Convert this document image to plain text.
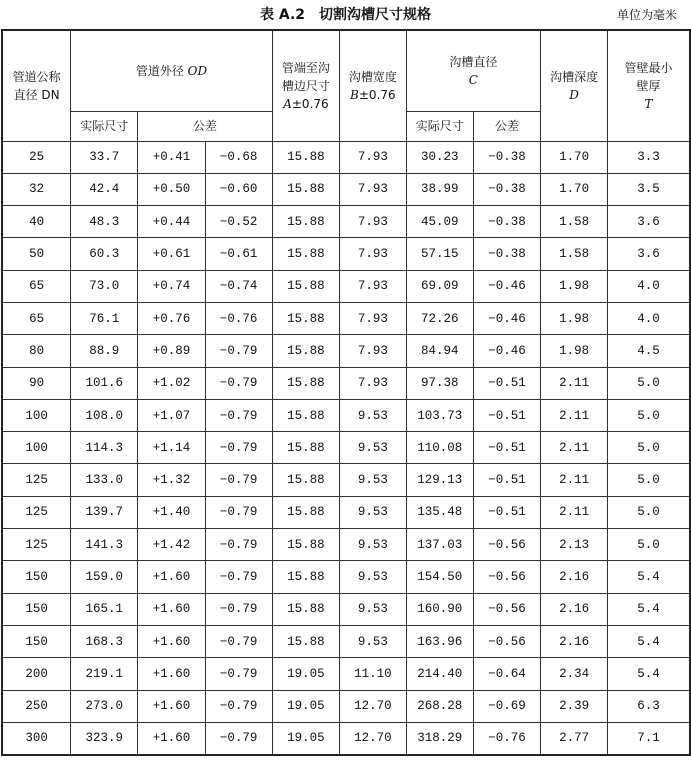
表 A.2　切割沟槽尺寸规格	单位为毫米
管道公称
直径 DN	管道外径 OD			管端至沟
槽边尺寸
A±0.76	沟槽宽度
B±0.76	沟槽直径
C		沟槽深度
D	管壁最小
壁厚
T
	实际尺寸	公差				实际尺寸	公差		
25	33.7	+0.41	−0.68	15.88	7.93	30.23	−0.38	1.70	3.3
32	42.4	+0.50	−0.60	15.88	7.93	38.99	−0.38	1.70	3.5
40	48.3	+0.44	−0.52	15.88	7.93	45.09	−0.38	1.58	3.6
50	60.3	+0.61	−0.61	15.88	7.93	57.15	−0.38	1.58	3.6
65	73.0	+0.74	−0.74	15.88	7.93	69.09	−0.46	1.98	4.0
65	76.1	+0.76	−0.76	15.88	7.93	72.26	−0.46	1.98	4.0
80	88.9	+0.89	−0.79	15.88	7.93	84.94	−0.46	1.98	4.5
90	101.6	+1.02	−0.79	15.88	7.93	97.38	−0.51	2.11	5.0
100	108.0	+1.07	−0.79	15.88	9.53	103.73	−0.51	2.11	5.0
100	114.3	+1.14	−0.79	15.88	9.53	110.08	−0.51	2.11	5.0
125	133.0	+1.32	−0.79	15.88	9.53	129.13	−0.51	2.11	5.0
125	139.7	+1.40	−0.79	15.88	9.53	135.48	−0.51	2.11	5.0
125	141.3	+1.42	−0.79	15.88	9.53	137.03	−0.56	2.13	5.0
150	159.0	+1.60	−0.79	15.88	9.53	154.50	−0.56	2.16	5.4
150	165.1	+1.60	−0.79	15.88	9.53	160.90	−0.56	2.16	5.4
150	168.3	+1.60	−0.79	15.88	9.53	163.96	−0.56	2.16	5.4
200	219.1	+1.60	−0.79	19.05	11.10	214.40	−0.64	2.34	5.4
250	273.0	+1.60	−0.79	19.05	12.70	268.28	−0.69	2.39	6.3
300	323.9	+1.60	−0.79	19.05	12.70	318.29	−0.76	2.77	7.1
